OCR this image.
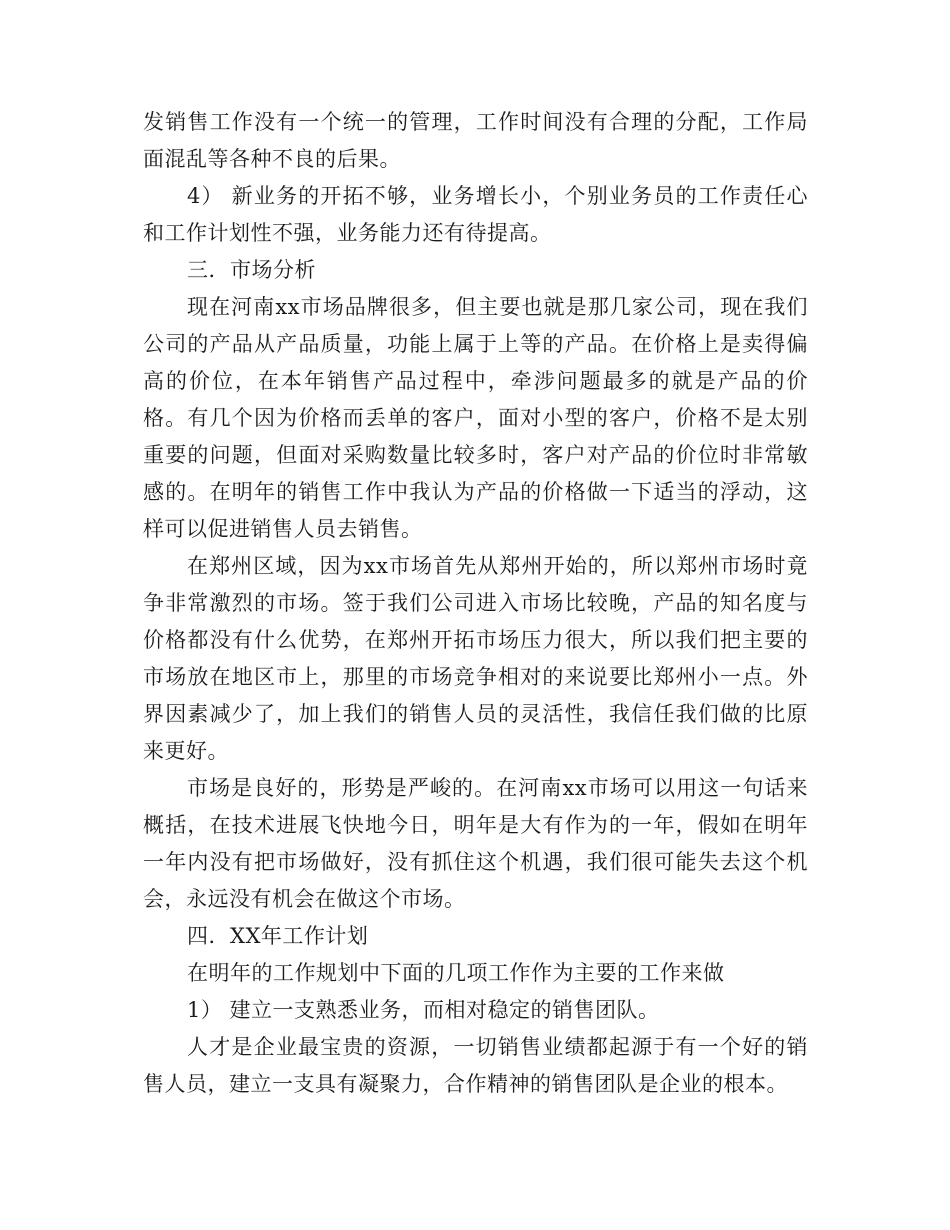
发销售工作没有一个统一的管理，工作时间没有合理的分配，工作局面混乱等各种不良的后果。

4） 新业务的开拓不够，业务增长小，个别业务员的工作责任心和工作计划性不强，业务能力还有待提高。

三．市场分析

现在河南xx市场品牌很多，但主要也就是那几家公司，现在我们公司的产品从产品质量，功能上属于上等的产品。在价格上是卖得偏高的价位，在本年销售产品过程中，牵涉问题最多的就是产品的价格。有几个因为价格而丢单的客户，面对小型的客户，价格不是太别重要的问题，但面对采购数量比较多时，客户对产品的价位时非常敏感的。在明年的销售工作中我认为产品的价格做一下适当的浮动，这样可以促进销售人员去销售。

在郑州区域，因为xx市场首先从郑州开始的，所以郑州市场时竟争非常激烈的市场。签于我们公司进入市场比较晚，产品的知名度与价格都没有什么优势，在郑州开拓市场压力很大，所以我们把主要的市场放在地区市上，那里的市场竞争相对的来说要比郑州小一点。外界因素减少了，加上我们的销售人员的灵活性，我信任我们做的比原来更好。

市场是良好的，形势是严峻的。在河南xx市场可以用这一句话来概括，在技术进展飞快地今日，明年是大有作为的一年，假如在明年一年内没有把市场做好，没有抓住这个机遇，我们很可能失去这个机会，永远没有机会在做这个市场。

四．XX年工作计划

在明年的工作规划中下面的几项工作作为主要的工作来做

1） 建立一支熟悉业务，而相对稳定的销售团队。

人才是企业最宝贵的资源，一切销售业绩都起源于有一个好的销售人员，建立一支具有凝聚力，合作精神的销售团队是企业的根本。
